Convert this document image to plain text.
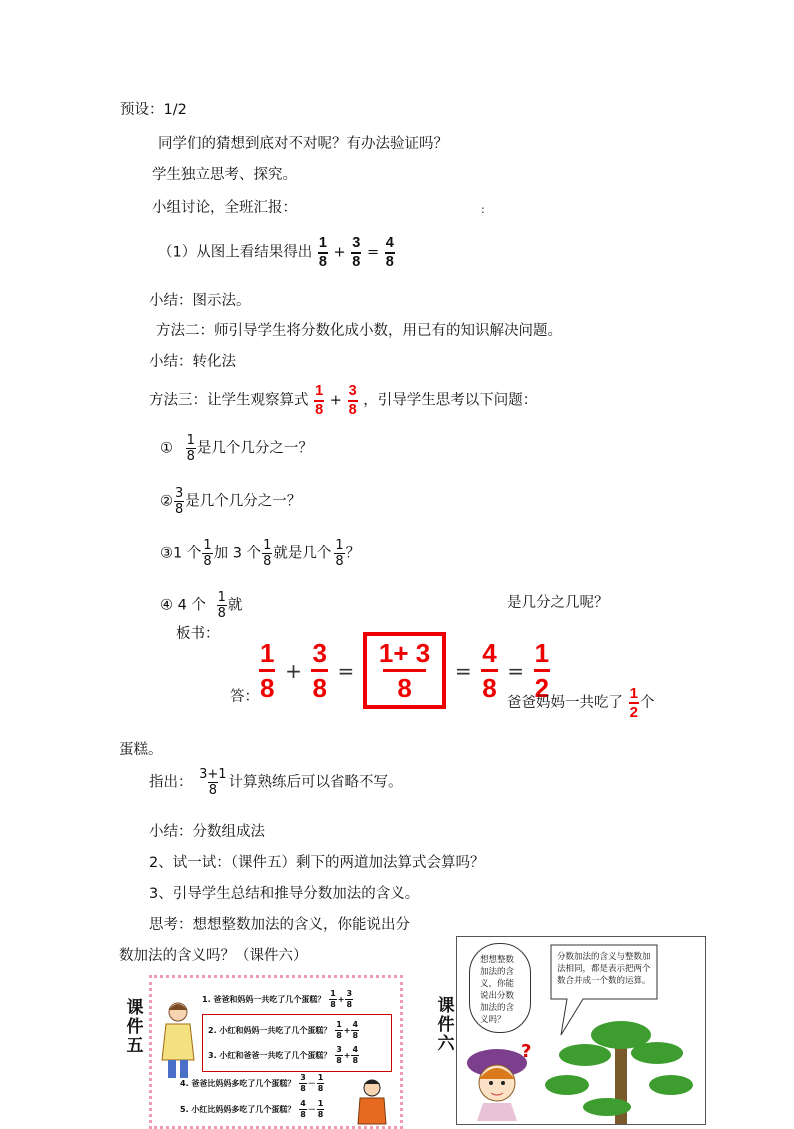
预设：1/2
同学们的猜想到底对不对呢？有办法验证吗？
学生独立思考、探究。
小组讨论，全班汇报：	:
（1）从图上看结果得出 $\frac{1}{8} + \frac{3}{8} = \frac{4}{8}$
小结：图示法。
方法二：师引导学生将分数化成小数，用已有的知识解决问题。
小结：转化法
方法三：让学生观察算式 $\frac{1}{8} + \frac{3}{8}$ ，引导学生思考以下问题：
① $\frac{1}{8}$ 是几个几分之一？
② $\frac{3}{8}$ 是几个几分之一？
③1 个 $\frac{1}{8}$ 加 3 个 $\frac{1}{8}$ 就是几个 $\frac{1}{8}$ ？
④ 4 个 $\frac{1}{8}$ 就	是几分之几呢？
板书：
答： $\frac{1}{8} + \frac{3}{8} = \frac{1+ 3}{8} = \frac{4}{8} = \frac{1}{2}$
爸爸妈妈一共吃了 $\frac{1}{2}$ 个
蛋糕。
指出： $\frac{3+1}{8}$ 计算熟练后可以省略不写。
小结：分数组成法
2、试一试：（课件五）剩下的两道加法算式会算吗？
3、引导学生总结和推导分数加法的含义。
思考：想想整数加法的含义，你能说出分
数加法的含义吗？（课件六）
课
件
五
1. 爸爸和妈妈一共吃了几个蛋糕？ $\frac{1}{8} + \frac{3}{8}$
2. 小红和妈妈一共吃了几个蛋糕？ $\frac{1}{8} + \frac{4}{8}$
3. 小红和爸爸一共吃了几个蛋糕？ $\frac{3}{8} + \frac{4}{8}$
4. 爸爸比妈妈多吃了几个蛋糕？ $\frac{3}{8} - \frac{1}{8}$
5. 小红比妈妈多吃了几个蛋糕？ $\frac{4}{8} - \frac{1}{8}$
课
件
六	?
想想整数加法的含义，你能说出分数加法的含义吗？
分数加法的含义与整数加法相同，都是表示把两个数合并成一个数的运算。
